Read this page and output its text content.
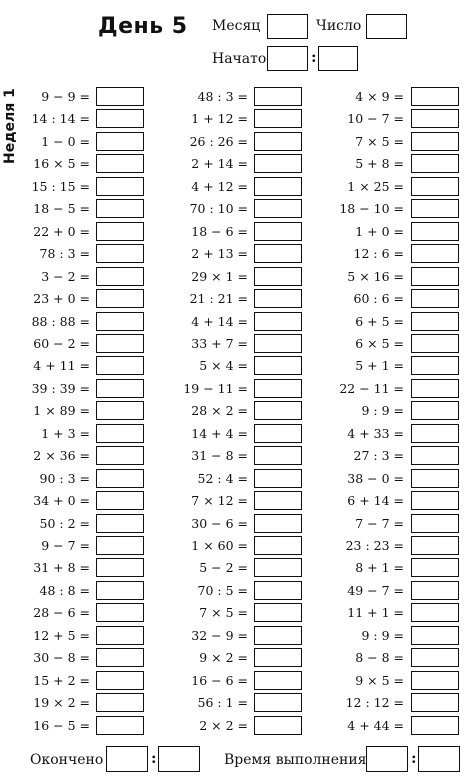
День 5 Месяц	Число
Начато	:
Неделя 1 9 − 9 =
14 : 14 =
1 − 0 =
16 × 5 =
15 : 15 =
18 − 5 =
22 + 0 =
78 : 3 =
3 − 2 =
23 + 0 =
88 : 88 =
60 − 2 =
4 + 11 =
39 : 39 =
1 × 89 =
1 + 3 =
2 × 36 =
90 : 3 =
34 + 0 =
50 : 2 =
9 − 7 =
31 + 8 =
48 : 8 =
28 − 6 =
12 + 5 =
30 − 8 =
15 + 2 =
19 × 2 =
16 − 5 =
48 : 3 =
1 + 12 =
26 : 26 =
2 + 14 =
4 + 12 =
70 : 10 =
18 − 6 =
2 + 13 =
29 × 1 =
21 : 21 =
4 + 14 =
33 + 7 =
5 × 4 =
19 − 11 =
28 × 2 =
14 + 4 =
31 − 8 =
52 : 4 =
7 × 12 =
30 − 6 =
1 × 60 =
5 − 2 =
70 : 5 =
7 × 5 =
32 − 9 =
9 × 2 =
16 − 6 =
56 : 1 =
2 × 2 =
4 × 9 =
10 − 7 =
7 × 5 =
5 + 8 =
1 × 25 =
18 − 10 =
1 + 0 =
12 : 6 =
5 × 16 =
60 : 6 =
6 + 5 =
6 × 5 =
5 + 1 =
22 − 11 =
9 : 9 =
4 + 33 =
27 : 3 =
38 − 0 =
6 + 14 =
7 − 7 =
23 : 23 =
8 + 1 =
49 − 7 =
11 + 1 =
9 : 9 =
8 − 8 =
9 × 5 =
12 : 12 =
4 + 44 =
Окончено	:	Время выполнения	:
